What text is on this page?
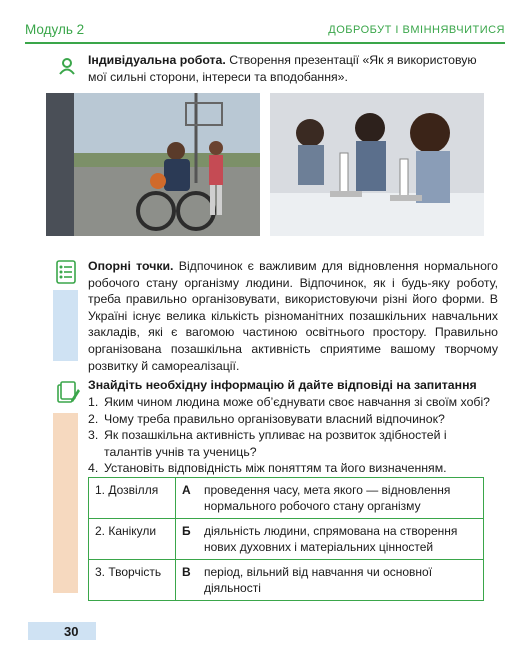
Модуль 2	ДОБРОБУТ І ВМІННЯВЧИТИСЯ
Індивідуальна робота. Створення презентації «Як я використовую мої сильні сторони, інтереси та вподобання».
Опорні точки. Відпочинок є важливим для відновлення нормального робочого стану організму людини. Відпочинок, як і будь-яку роботу, треба правильно організовувати, використовуючи різні його форми. В Україні існує велика кількість різноманітних позашкільних навчальних закладів, які є вагомою частиною освітнього простору. Правильно організована позашкільна активність сприятиме вашому творчому розвитку й самореалізації.
Знайдіть необхідну інформацію й дайте відповіді на запитання
1. Яким чином людина може об’єднувати своє навчання зі своїм хобі?
2. Чому треба правильно організовувати власний відпочинок?
3. Як позашкільна активність упливає на розвиток здібностей і талантів учнів та учениць?
4. Установіть відповідність між поняттям та його визначенням.
1. Дозвілля	А	проведення часу, мета якого — відновлення нормального робочого стану організму
2. Канікули	Б	діяльність людини, спрямована на створення нових духовних і матеріальних цінностей
3. Творчість	В	період, вільний від навчання чи основної діяльності
30
